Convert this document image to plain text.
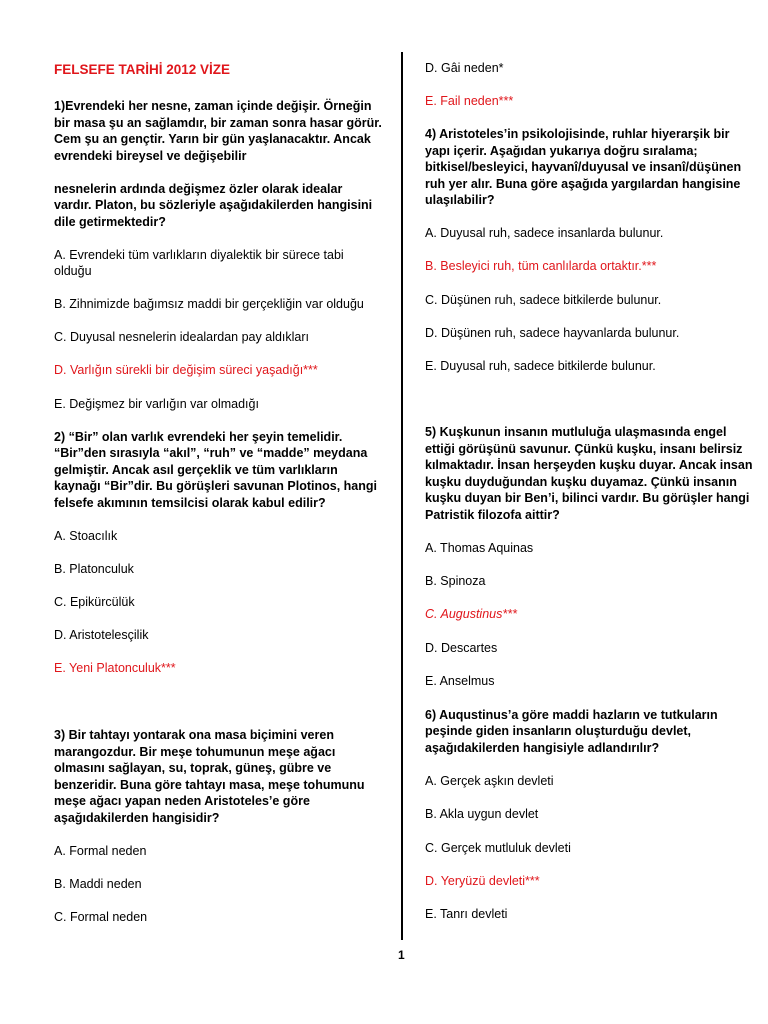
FELSEFE TARİHİ 2012 VİZE
1)Evrendeki her nesne, zaman içinde değişir. Örneğin
bir masa şu an sağlamdır, bir zaman sonra hasar görür.
Cem şu an gençtir. Yarın bir gün yaşlanacaktır. Ancak
evrendeki bireysel ve değişebilir
nesnelerin ardında değişmez özler olarak idealar
vardır. Platon, bu sözleriyle aşağıdakilerden hangisini
dile getirmektedir?
A. Evrendeki tüm varlıkların diyalektik bir sürece tabi
olduğu
B. Zihnimizde bağımsız maddi bir gerçekliğin var olduğu
C. Duyusal nesnelerin idealardan pay aldıkları
D. Varlığın sürekli bir değişim süreci yaşadığı***
E. Değişmez bir varlığın var olmadığı
2) “Bir” olan varlık evrendeki her şeyin temelidir.
“Bir”den sırasıyla “akıl”, “ruh” ve “madde” meydana
gelmiştir. Ancak asıl gerçeklik ve tüm varlıkların
kaynağı “Bir”dir. Bu görüşleri savunan Plotinos, hangi
felsefe akımının temsilcisi olarak kabul edilir?
A. Stoacılık
B. Platonculuk
C. Epikürcülük
D. Aristotelesçilik
E. Yeni Platonculuk***
3) Bir tahtayı yontarak ona masa biçimini veren
marangozdur. Bir meşe tohumunun meşe ağacı
olmasını sağlayan, su, toprak, güneş, gübre ve
benzeridir. Buna göre tahtayı masa, meşe tohumunu
meşe ağacı yapan neden Aristoteles’e göre
aşağıdakilerden hangisidir?
A. Formal neden
B. Maddi neden
C. Formal neden
D. Gâi neden*
E. Fail neden***
4) Aristoteles’in psikolojisinde, ruhlar hiyerarşik bir
yapı içerir. Aşağıdan yukarıya doğru sıralama;
bitkisel/besleyici, hayvanî/duyusal ve insanî/düşünen
ruh yer alır. Buna göre aşağıda yargılardan hangisine
ulaşılabilir?
A. Duyusal ruh, sadece insanlarda bulunur.
B. Besleyici ruh, tüm canlılarda ortaktır.***
C. Düşünen ruh, sadece bitkilerde bulunur.
D. Düşünen ruh, sadece hayvanlarda bulunur.
E. Duyusal ruh, sadece bitkilerde bulunur.
5) Kuşkunun insanın mutluluğa ulaşmasında engel
ettiği görüşünü savunur. Çünkü kuşku, insanı belirsiz
kılmaktadır. İnsan herşeyden kuşku duyar. Ancak insan
kuşku duyduğundan kuşku duyamaz. Çünkü insanın
kuşku duyan bir Ben’i, bilinci vardır. Bu görüşler hangi
Patristik filozofa aittir?
A. Thomas Aquinas
B. Spinoza
C. Augustinus***
D. Descartes
E. Anselmus
6) Auqustinus’a göre maddi hazların ve tutkuların
peşinde giden insanların oluşturduğu devlet,
aşağıdakilerden hangisiyle adlandırılır?
A. Gerçek aşkın devleti
B. Akla uygun devlet
C. Gerçek mutluluk devleti
D. Yeryüzü devleti***
E. Tanrı devleti
1
